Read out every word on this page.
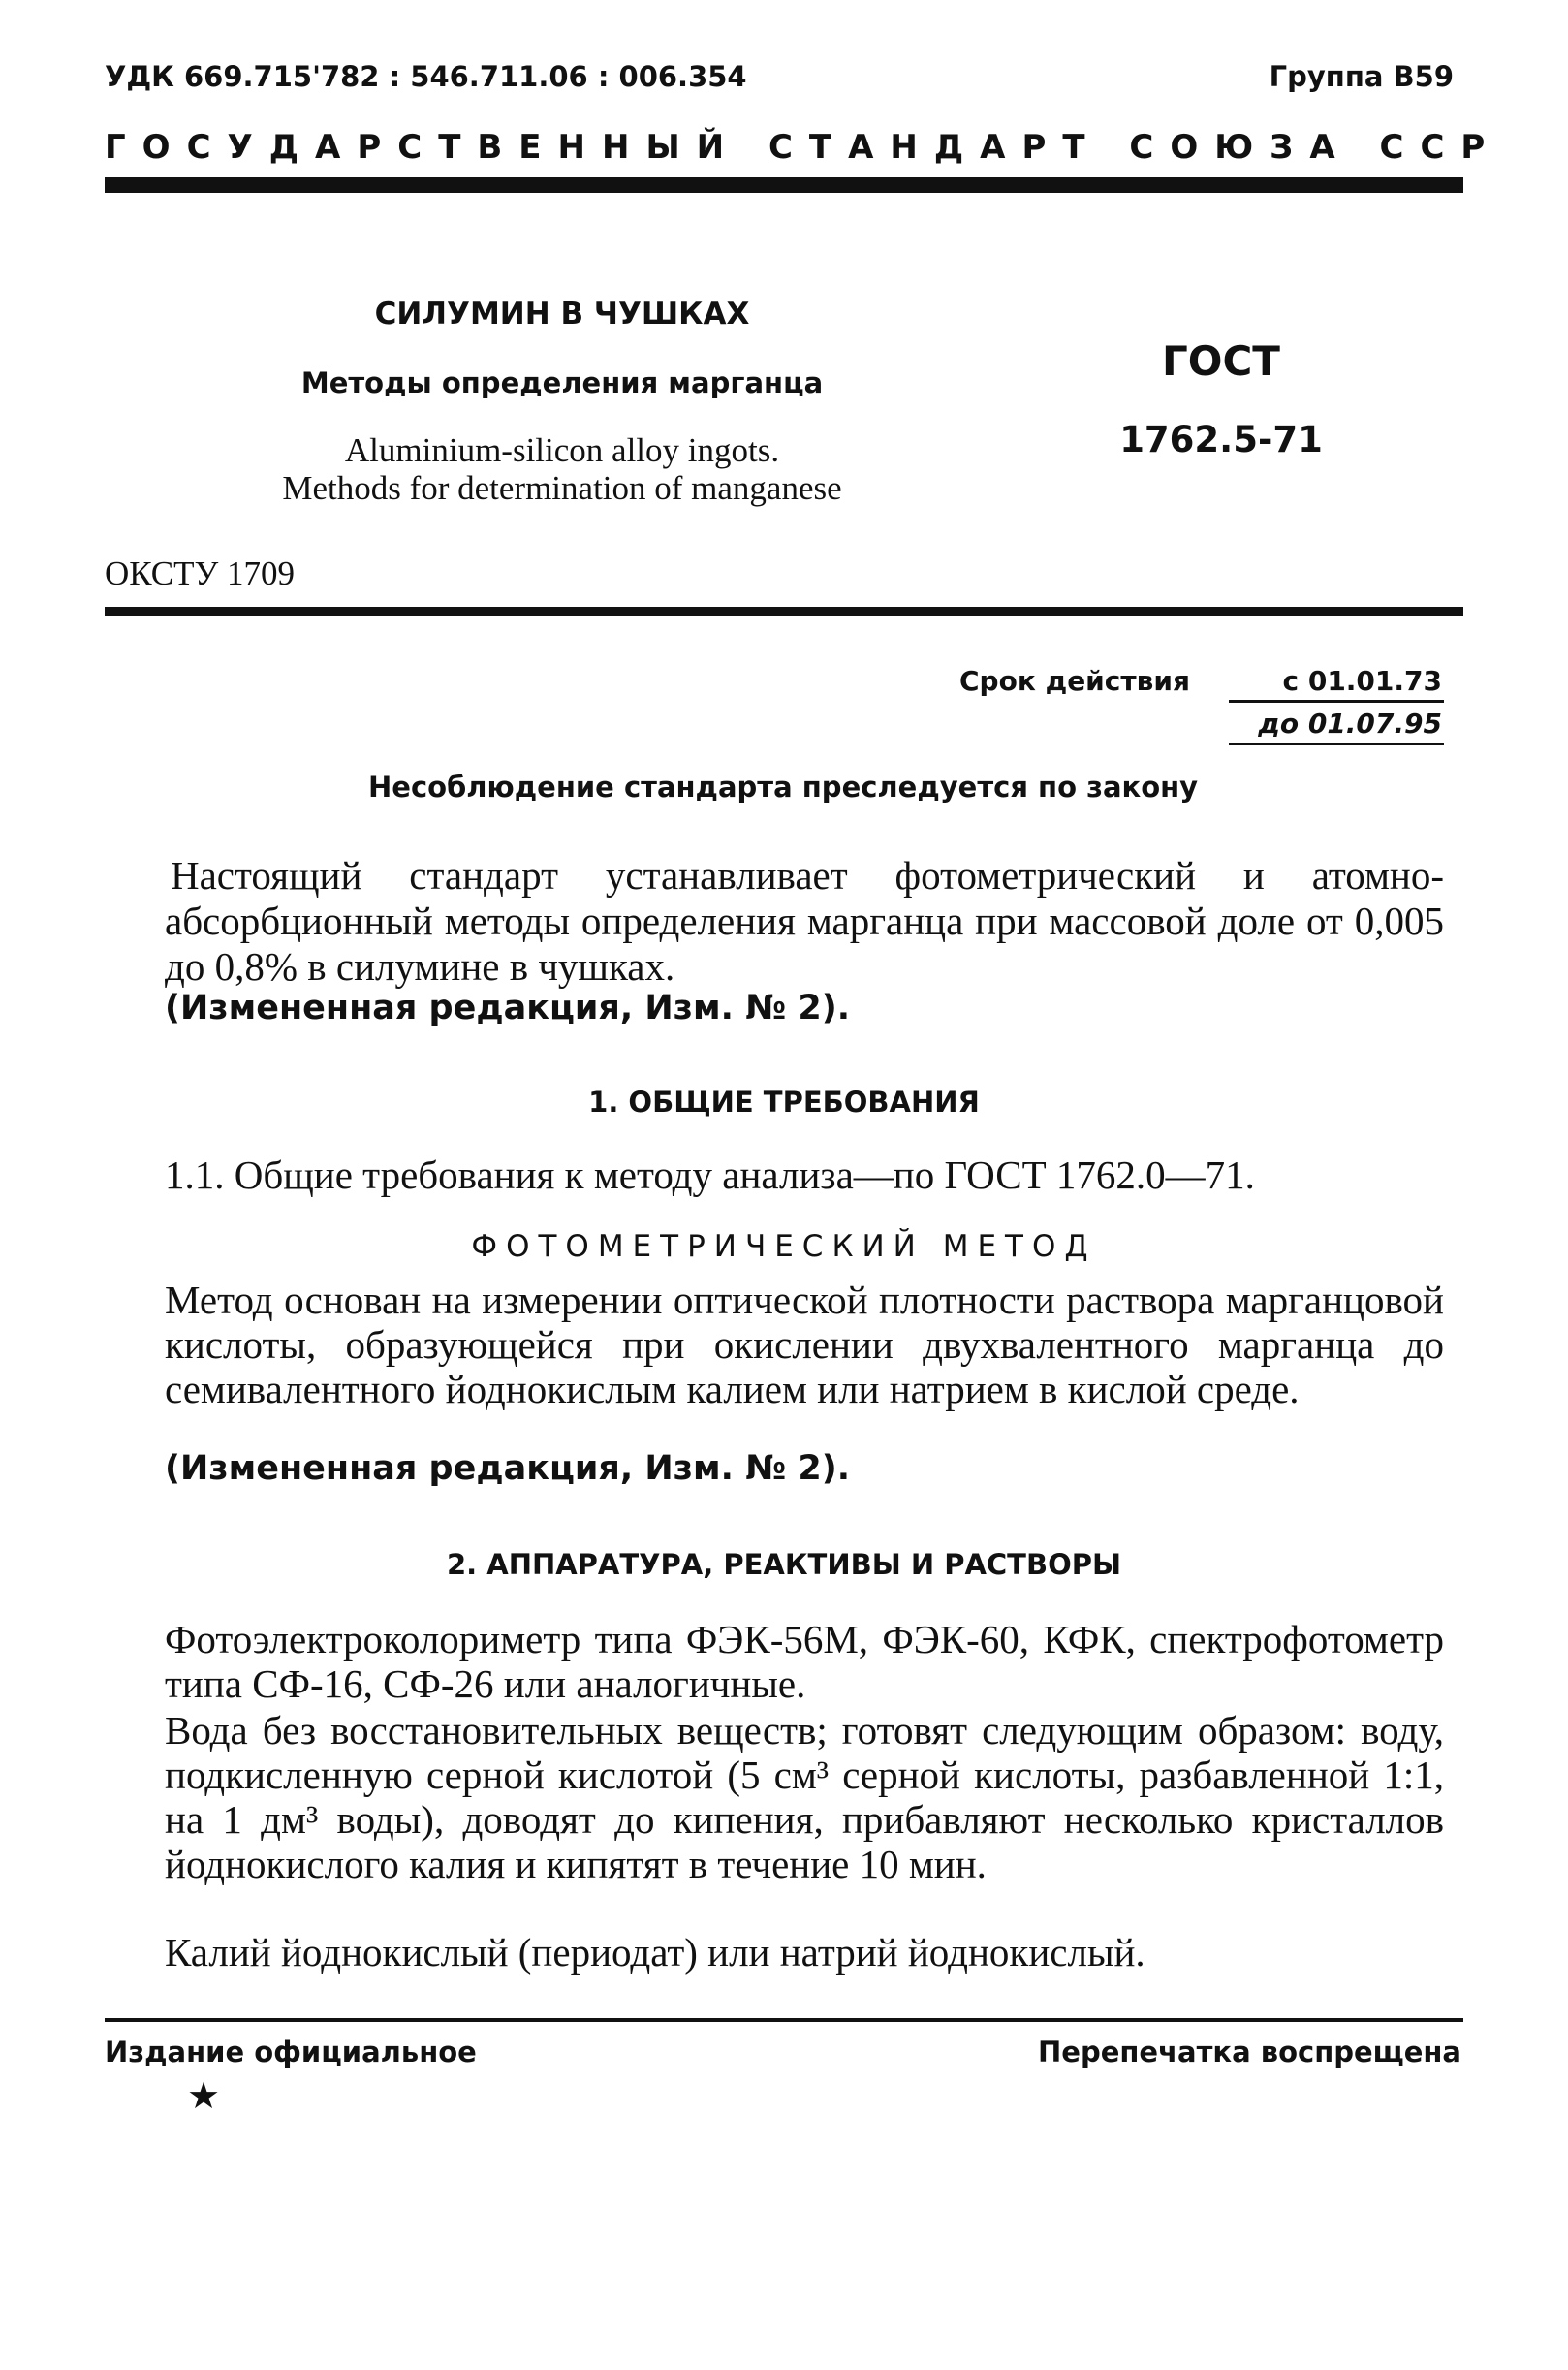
УДК 669.715'782 : 546.711.06 : 006.354	Группа В59
ГОСУДАРСТВЕННЫЙ СТАНДАРТ СОЮЗА ССР
СИЛУМИН В ЧУШКАХ
Методы определения марганца
Aluminium-silicon alloy ingots.
Methods for determination of manganese
ГОСТ
1762.5-71
ОКСТУ 1709
Срок действия	с 01.01.73
до 01.07.95
Несоблюдение стандарта преследуется по закону
Настоящий стандарт устанавливает фотометрический и атомно-абсорбционный методы определения марганца при массовой доле от 0,005 до 0,8% в силумине в чушках.
(Измененная редакция, Изм. № 2).
1. ОБЩИЕ ТРЕБОВАНИЯ
1.1. Общие требования к методу анализа—по ГОСТ 1762.0—71.
ФОТОМЕТРИЧЕСКИЙ МЕТОД
Метод основан на измерении оптической плотности раствора марганцовой кислоты, образующейся при окислении двухвалентного марганца до семивалентного йоднокислым калием или натрием в кислой среде.
(Измененная редакция, Изм. № 2).
2. АППАРАТУРА, РЕАКТИВЫ И РАСТВОРЫ
Фотоэлектроколориметр типа ФЭК-56М, ФЭК-60, КФК, спектрофотометр типа СФ-16, СФ-26 или аналогичные.
Вода без восстановительных веществ; готовят следующим образом: воду, подкисленную серной кислотой (5 см³ серной кислоты, разбавленной 1:1, на 1 дм³ воды), доводят до кипения, прибавляют несколько кристаллов йоднокислого калия и кипятят в течение 10 мин.
Калий йоднокислый (периодат) или натрий йоднокислый.
Издание официальное	Перепечатка воспрещена
★
